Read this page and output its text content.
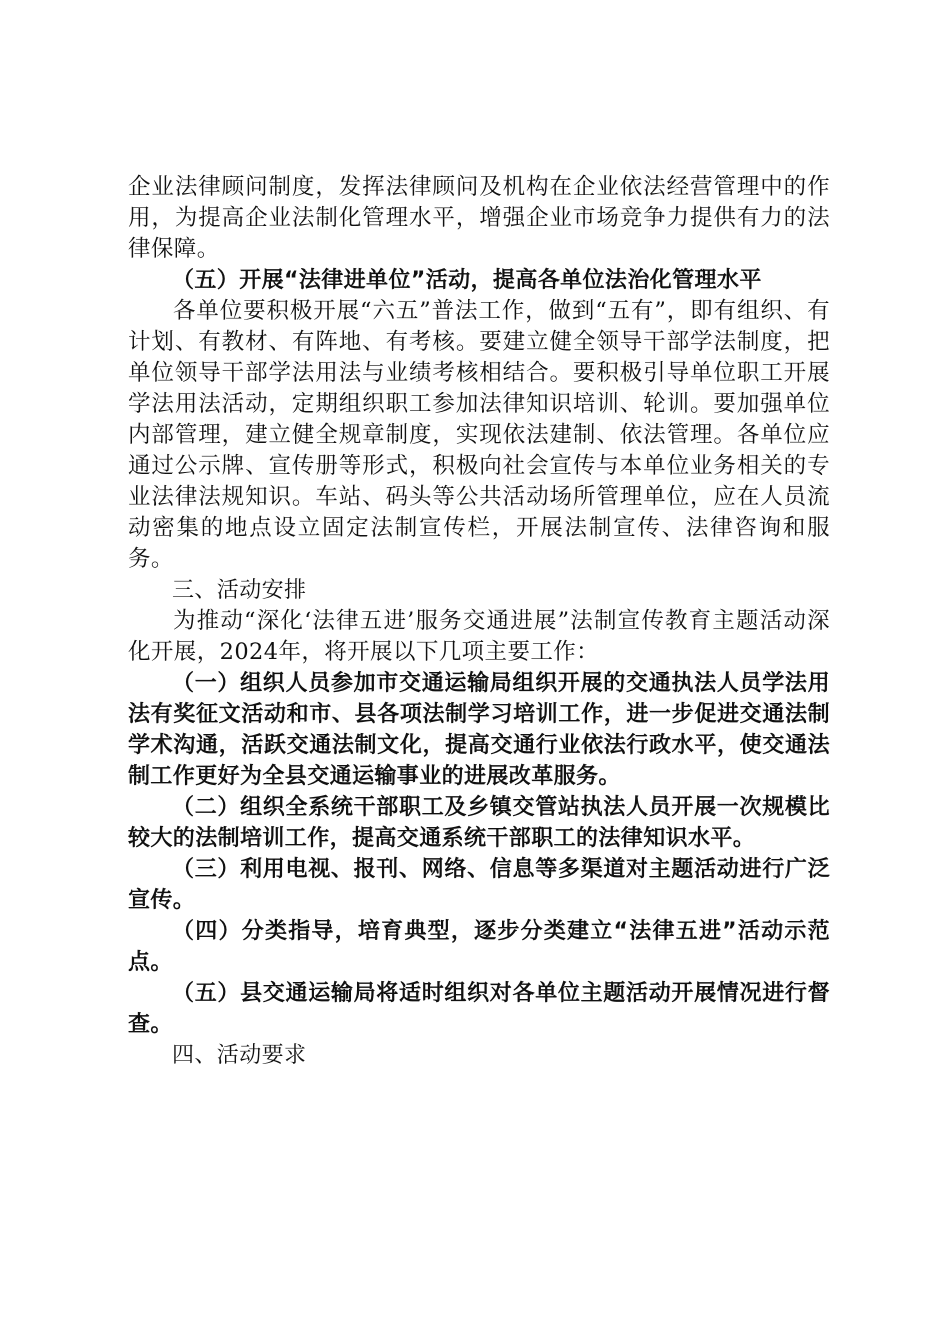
企业法律顾问制度，发挥法律顾问及机构在企业依法经营管理中的作用，为提高企业法制化管理水平，增强企业市场竞争力提供有力的法律保障。

（五）开展“法律进单位”活动，提高各单位法治化管理水平

各单位要积极开展“六五”普法工作，做到“五有”，即有组织、有计划、有教材、有阵地、有考核。要建立健全领导干部学法制度，把单位领导干部学法用法与业绩考核相结合。要积极引导单位职工开展学法用法活动，定期组织职工参加法律知识培训、轮训。要加强单位内部管理，建立健全规章制度，实现依法建制、依法管理。各单位应通过公示牌、宣传册等形式，积极向社会宣传与本单位业务相关的专业法律法规知识。车站、码头等公共活动场所管理单位，应在人员流动密集的地点设立固定法制宣传栏，开展法制宣传、法律咨询和服务。

三、活动安排

为推动“深化‘法律五进’服务交通进展”法制宣传教育主题活动深化开展，2024年，将开展以下几项主要工作：

（一）组织人员参加市交通运输局组织开展的交通执法人员学法用法有奖征文活动和市、县各项法制学习培训工作，进一步促进交通法制学术沟通，活跃交通法制文化，提高交通行业依法行政水平，使交通法制工作更好为全县交通运输事业的进展改革服务。

（二）组织全系统干部职工及乡镇交管站执法人员开展一次规模比较大的法制培训工作，提高交通系统干部职工的法律知识水平。

（三）利用电视、报刊、网络、信息等多渠道对主题活动进行广泛宣传。

（四）分类指导，培育典型，逐步分类建立“法律五进”活动示范点。

（五）县交通运输局将适时组织对各单位主题活动开展情况进行督查。

四、活动要求
